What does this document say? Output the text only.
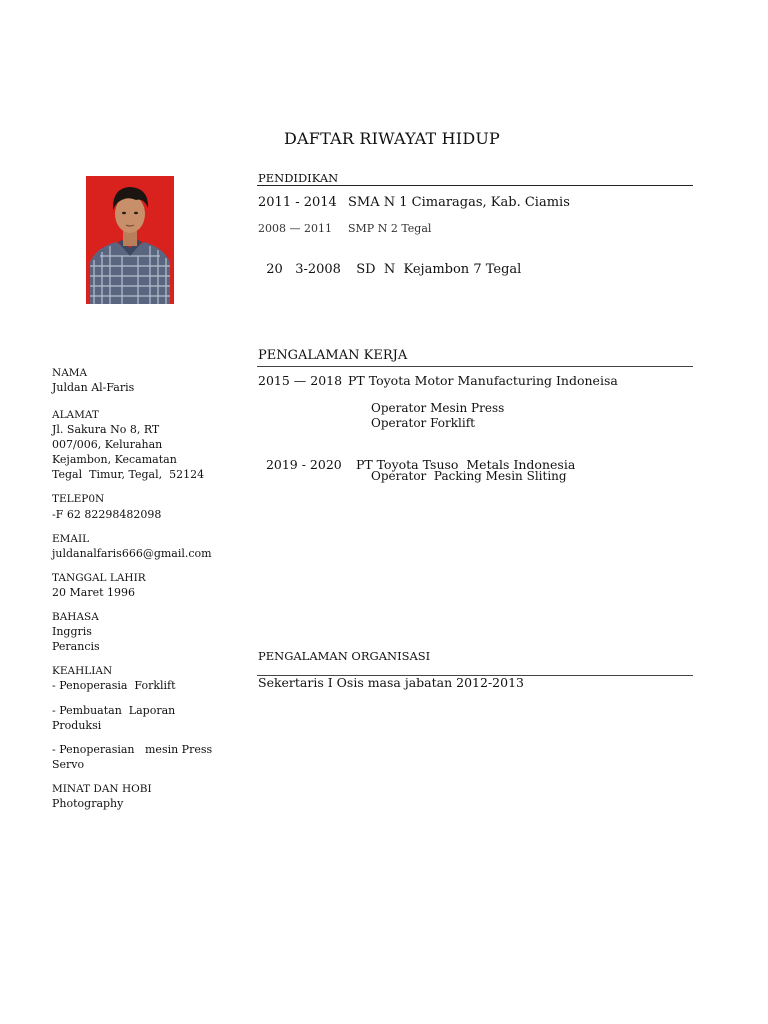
DAFTAR RIWAYAT HIDUP
PENDIDIKAN
2011 - 2014 SMA N 1 Cimaragas, Kab. Ciamis
2008 — 2011 SMP N 2 Tegal

20   3-2008 SD  N  Kejambon 7 Tegal

PENGALAMAN KERJA
2015 — 2018 PT Toyota Motor Manufacturing Indoneisa
Operator Mesin Press
Operator Forklift

2019 - 2020 PT Toyota Tsuso  Metals Indonesia

Operator  Packing Mesin Sliting
PENGALAMAN ORGANISASI
Sekertaris I Osis masa jabatan 2012-2013
NAMA
Juldan Al-Faris
ALAMAT
Jl. Sakura No 8, RT
007/006, Kelurahan
Kejambon, Kecamatan
Tegal  Timur, Tegal,  52124
TELEP0N
-F 62 82298482098
EMAIL
juldanalfaris666@gmail.com
TANGGAL LAHIR
20 Maret 1996
BAHASA
Inggris
Perancis
KEAHLIAN
- Penoperasia  Forklift
- Pembuatan  Laporan
Produksi
- Penoperasian   mesin Press
Servo
MINAT DAN HOBI
Photography
